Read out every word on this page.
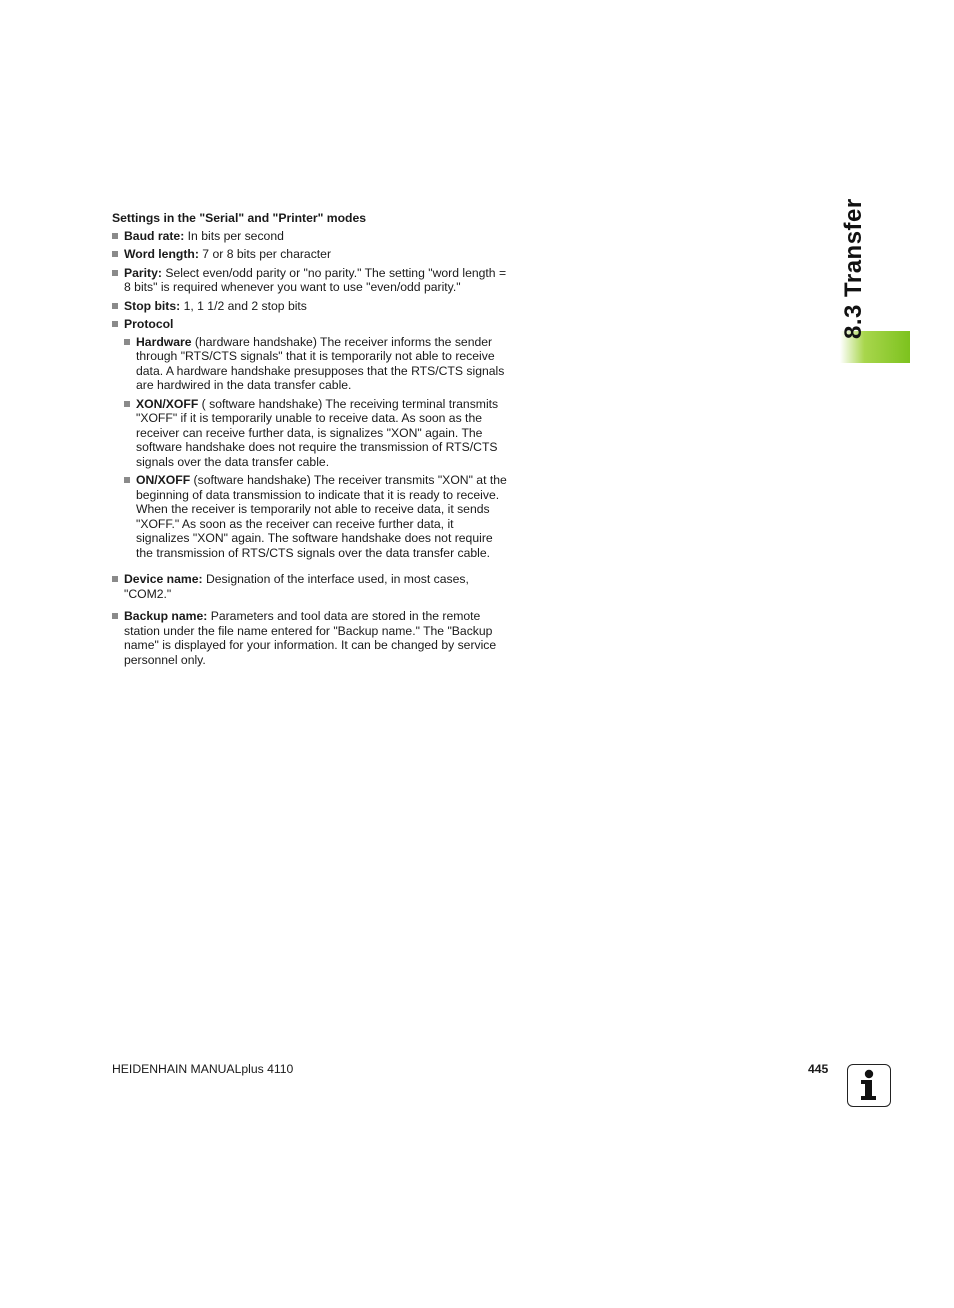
Settings in the "Serial" and "Printer" modes
Baud rate: In bits per second
Word length: 7 or 8 bits per character
Parity: Select even/odd parity or "no parity." The setting "word length = 8 bits" is required whenever you want to use "even/odd parity."
Stop bits: 1, 1 1/2 and 2 stop bits
Protocol
Hardware (hardware handshake) The receiver informs the sender through "RTS/CTS signals" that it is temporarily not able to receive data. A hardware handshake presupposes that the RTS/CTS signals are hardwired in the data transfer cable.
XON/XOFF ( software handshake) The receiving terminal transmits "XOFF" if it is temporarily unable to receive data. As soon as the receiver can receive further data, is signalizes "XON" again. The software handshake does not require the transmission of RTS/CTS signals over the data transfer cable.
ON/XOFF (software handshake) The receiver transmits "XON" at the beginning of data transmission to indicate that it is ready to receive. When the receiver is temporarily not able to receive data, it sends "XOFF." As soon as the receiver can receive further data, it signalizes "XON" again. The software handshake does not require the transmission of RTS/CTS signals over the data transfer cable.
Device name: Designation of the interface used, in most cases, "COM2."
Backup name: Parameters and tool data are stored in the remote station under the file name entered for "Backup name." The "Backup name" is displayed for your information. It can be changed by service personnel only.
8.3 Transfer
HEIDENHAIN MANUALplus 4110	445
